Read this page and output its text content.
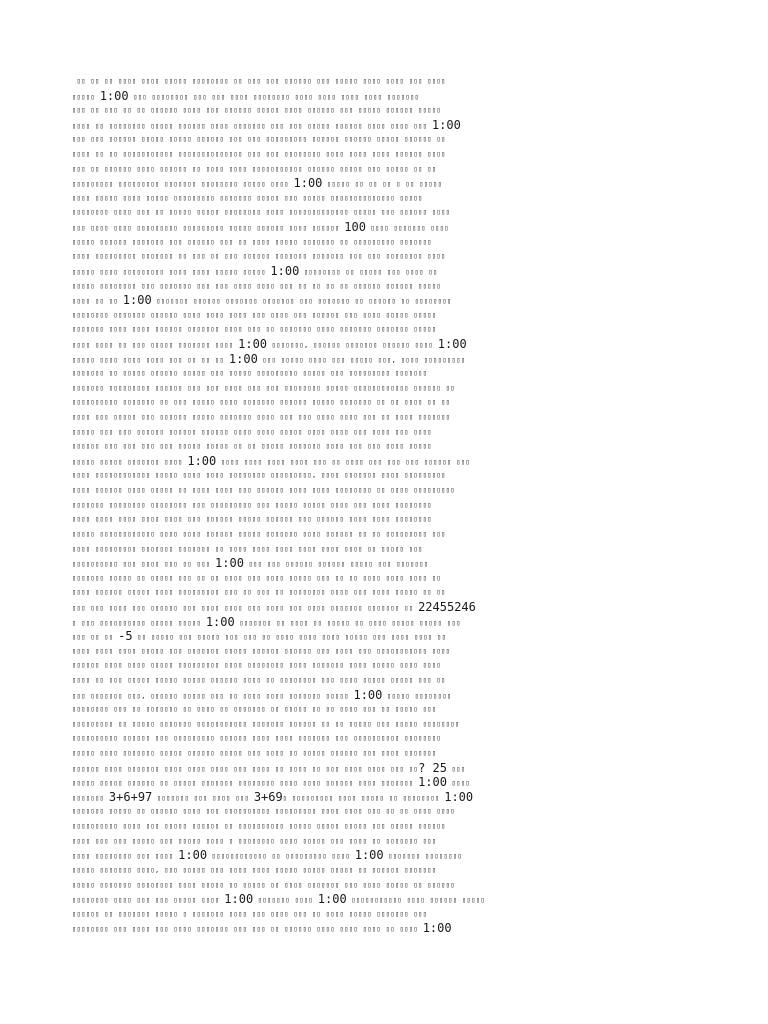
▯▯ ▯▯ ▯▯ ▯▯▯▯ ▯▯▯▯ ▯▯▯▯▯ ▯▯▯▯▯▯▯▯ ▯▯ ▯▯▯ ▯▯▯ ▯▯▯▯▯▯ ▯▯▯ ▯▯▯▯▯ ▯▯▯▯ ▯▯▯▯ ▯▯▯ ▯▯▯▯
▯▯▯▯▯ 1:00 ▯▯▯ ▯▯▯▯▯▯▯▯ ▯▯▯ ▯▯▯ ▯▯▯▯ ▯▯▯▯▯▯▯▯ ▯▯▯▯ ▯▯▯▯ ▯▯▯▯ ▯▯▯▯ ▯▯▯▯▯▯▯
▯▯▯ ▯▯ ▯▯▯ ▯▯ ▯▯ ▯▯▯▯▯▯ ▯▯▯▯ ▯▯▯ ▯▯▯▯▯▯ ▯▯▯▯▯ ▯▯▯▯ ▯▯▯▯▯▯ ▯▯▯ ▯▯▯▯▯ ▯▯▯▯▯▯ ▯▯▯▯▯
▯▯▯▯ ▯▯ ▯▯▯▯▯▯▯▯ ▯▯▯▯▯ ▯▯▯▯▯▯ ▯▯▯▯ ▯▯▯▯▯▯▯ ▯▯▯ ▯▯▯ ▯▯▯▯▯ ▯▯▯▯▯▯ ▯▯▯▯ ▯▯▯▯ ▯▯▯ 1:00
▯▯▯ ▯▯▯ ▯▯▯▯▯▯ ▯▯▯▯▯ ▯▯▯▯▯ ▯▯▯▯▯▯ ▯▯▯ ▯▯▯ ▯▯▯▯▯▯▯▯▯ ▯▯▯▯▯▯ ▯▯▯▯▯▯ ▯▯▯▯▯ ▯▯▯▯▯▯ ▯▯
▯▯▯▯ ▯▯ ▯▯ ▯▯▯▯▯▯▯▯▯▯▯ ▯▯▯▯▯▯▯▯▯▯▯▯▯▯ ▯▯▯ ▯▯▯ ▯▯▯▯▯▯▯▯ ▯▯▯▯ ▯▯▯▯ ▯▯▯▯ ▯▯▯▯▯▯ ▯▯▯▯
▯▯▯ ▯▯ ▯▯▯▯▯▯ ▯▯▯▯ ▯▯▯▯▯▯ ▯▯ ▯▯▯▯ ▯▯▯▯ ▯▯▯▯▯▯▯▯▯▯▯ ▯▯▯▯▯▯ ▯▯▯▯▯ ▯▯▯ ▯▯▯▯▯ ▯▯ ▯▯
▯▯▯▯▯▯▯▯▯ ▯▯▯▯▯▯▯▯▯ ▯▯▯▯▯▯▯ ▯▯▯▯▯▯▯▯ ▯▯▯▯▯ ▯▯▯▯ 1:00 ▯▯▯▯▯ ▯▯ ▯▯ ▯▯ ▯ ▯▯ ▯▯▯▯▯
▯▯▯▯ ▯▯▯▯▯ ▯▯▯▯ ▯▯▯▯▯ ▯▯▯▯▯▯▯▯▯ ▯▯▯▯▯▯▯ ▯▯▯▯▯ ▯▯▯ ▯▯▯▯▯ ▯▯▯▯▯▯▯▯▯▯▯▯▯▯ ▯▯▯▯▯
▯▯▯▯▯▯▯▯ ▯▯▯▯ ▯▯▯ ▯▯ ▯▯▯▯▯ ▯▯▯▯▯ ▯▯▯▯▯▯▯▯ ▯▯▯▯ ▯▯▯▯▯▯▯▯▯▯▯▯▯ ▯▯▯▯▯ ▯▯▯ ▯▯▯▯▯▯ ▯▯▯▯
▯▯▯ ▯▯▯▯ ▯▯▯▯ ▯▯▯▯▯▯▯▯▯ ▯▯▯▯▯▯▯▯▯ ▯▯▯▯▯ ▯▯▯▯▯▯ ▯▯▯▯ ▯▯▯▯▯▯ 100 ▯▯▯▯ ▯▯▯▯▯▯▯ ▯▯▯▯
▯▯▯▯▯ ▯▯▯▯▯▯ ▯▯▯▯▯▯▯ ▯▯▯ ▯▯▯▯▯▯ ▯▯▯ ▯▯ ▯▯▯▯ ▯▯▯▯▯ ▯▯▯▯▯▯▯ ▯▯ ▯▯▯▯▯▯▯▯▯ ▯▯▯▯▯▯▯
▯▯▯▯ ▯▯▯▯▯▯▯▯▯ ▯▯▯▯▯▯▯ ▯▯ ▯▯▯ ▯▯ ▯▯▯ ▯▯▯▯▯▯ ▯▯▯▯▯▯▯ ▯▯▯▯▯▯▯ ▯▯▯ ▯▯▯ ▯▯▯▯▯▯▯▯ ▯▯▯▯
▯▯▯▯▯ ▯▯▯▯ ▯▯▯▯▯▯▯▯▯ ▯▯▯▯ ▯▯▯▯ ▯▯▯▯▯ ▯▯▯▯▯ 1:00 ▯▯▯▯▯▯▯▯ ▯▯ ▯▯▯▯▯ ▯▯▯ ▯▯▯▯ ▯▯
▯▯▯▯▯ ▯▯▯▯▯▯▯▯ ▯▯▯ ▯▯▯▯▯▯▯ ▯▯▯ ▯▯▯ ▯▯▯▯ ▯▯▯▯ ▯▯▯ ▯▯ ▯▯ ▯▯ ▯▯ ▯▯▯▯▯▯ ▯▯▯▯▯▯ ▯▯▯▯▯
▯▯▯▯ ▯▯ ▯▯ 1:00 ▯▯▯▯▯▯▯ ▯▯▯▯▯▯ ▯▯▯▯▯▯▯ ▯▯▯▯▯▯▯ ▯▯▯ ▯▯▯▯▯▯▯ ▯▯ ▯▯▯▯▯▯ ▯▯ ▯▯▯▯▯▯▯▯
▯▯▯▯▯▯▯▯ ▯▯▯▯▯▯▯ ▯▯▯▯▯▯ ▯▯▯▯ ▯▯▯▯ ▯▯▯▯ ▯▯▯ ▯▯▯▯ ▯▯▯ ▯▯▯▯▯▯ ▯▯▯ ▯▯▯▯ ▯▯▯▯▯ ▯▯▯▯▯
▯▯▯▯▯▯▯ ▯▯▯▯ ▯▯▯▯ ▯▯▯▯▯▯ ▯▯▯▯▯▯▯ ▯▯▯▯ ▯▯▯ ▯▯ ▯▯▯▯▯▯▯ ▯▯▯▯ ▯▯▯▯▯▯▯ ▯▯▯▯▯▯▯ ▯▯▯▯▯
▯▯▯▯ ▯▯▯▯ ▯▯ ▯▯▯ ▯▯▯▯▯ ▯▯▯▯▯▯▯ ▯▯▯▯ 1:00 ▯▯▯▯▯▯▯, ▯▯▯▯▯▯ ▯▯▯▯▯▯▯ ▯▯▯▯▯▯ ▯▯▯▯ 1:00
▯▯▯▯▯ ▯▯▯▯ ▯▯▯▯ ▯▯▯▯ ▯▯▯ ▯▯ ▯▯ ▯▯ 1:00 ▯▯▯ ▯▯▯▯▯ ▯▯▯▯ ▯▯▯ ▯▯▯▯▯ ▯▯▯, ▯▯▯▯ ▯▯▯▯▯▯▯▯▯
▯▯▯▯▯▯▯ ▯▯ ▯▯▯▯▯ ▯▯▯▯▯▯ ▯▯▯▯▯ ▯▯▯ ▯▯▯▯▯ ▯▯▯▯▯▯▯▯▯ ▯▯▯▯▯ ▯▯▯ ▯▯▯▯▯▯▯▯▯ ▯▯▯▯▯▯▯
▯▯▯▯▯▯▯ ▯▯▯▯▯▯▯▯▯ ▯▯▯▯▯▯ ▯▯▯ ▯▯▯ ▯▯▯▯ ▯▯▯ ▯▯▯ ▯▯▯▯▯▯▯▯ ▯▯▯▯▯ ▯▯▯▯▯▯▯▯▯▯▯▯ ▯▯▯▯▯▯ ▯▯
▯▯▯▯▯▯▯▯▯▯ ▯▯▯▯▯▯▯ ▯▯ ▯▯▯ ▯▯▯▯▯ ▯▯▯▯ ▯▯▯▯▯▯▯ ▯▯▯▯▯▯ ▯▯▯▯▯ ▯▯▯▯▯▯▯ ▯▯ ▯▯ ▯▯▯▯ ▯▯ ▯▯
▯▯▯▯ ▯▯▯ ▯▯▯▯▯ ▯▯▯ ▯▯▯▯▯▯ ▯▯▯▯▯ ▯▯▯▯▯▯▯ ▯▯▯▯ ▯▯▯ ▯▯▯ ▯▯▯▯ ▯▯▯▯ ▯▯▯ ▯▯ ▯▯▯▯ ▯▯▯▯▯▯▯
▯▯▯▯▯ ▯▯▯ ▯▯▯ ▯▯▯▯▯▯ ▯▯▯▯▯▯ ▯▯▯▯▯▯ ▯▯▯▯ ▯▯▯▯ ▯▯▯▯▯ ▯▯▯▯ ▯▯▯▯ ▯▯▯ ▯▯▯▯ ▯▯▯ ▯▯▯▯
▯▯▯▯▯▯ ▯▯▯ ▯▯▯ ▯▯▯ ▯▯▯ ▯▯▯▯▯ ▯▯▯▯▯ ▯▯ ▯▯ ▯▯▯▯▯ ▯▯▯▯▯▯▯ ▯▯▯▯ ▯▯▯ ▯▯▯ ▯▯▯▯ ▯▯▯▯▯
▯▯▯▯▯ ▯▯▯▯▯ ▯▯▯▯▯▯▯ ▯▯▯▯ 1:00 ▯▯▯▯ ▯▯▯▯ ▯▯▯▯ ▯▯▯▯ ▯▯▯ ▯▯ ▯▯▯▯ ▯▯▯ ▯▯▯ ▯▯▯ ▯▯▯▯▯▯ ▯▯▯
▯▯▯▯ ▯▯▯▯▯▯▯▯▯▯▯▯ ▯▯▯▯▯ ▯▯▯▯ ▯▯▯▯ ▯▯▯▯▯▯▯▯ ▯▯▯▯▯▯▯▯▯, ▯▯▯▯ ▯▯▯▯▯▯▯ ▯▯▯▯ ▯▯▯▯▯▯▯▯▯
▯▯▯▯ ▯▯▯▯▯▯ ▯▯▯▯ ▯▯▯▯▯ ▯▯ ▯▯▯▯ ▯▯▯▯ ▯▯▯ ▯▯▯▯▯▯ ▯▯▯▯ ▯▯▯▯ ▯▯▯▯▯▯▯▯ ▯▯ ▯▯▯▯ ▯▯▯▯▯▯▯▯▯
▯▯▯▯▯▯▯ ▯▯▯▯▯▯▯▯ ▯▯▯▯▯▯▯▯ ▯▯▯ ▯▯▯▯▯▯▯▯▯ ▯▯▯ ▯▯▯▯▯ ▯▯▯▯▯ ▯▯▯▯ ▯▯▯ ▯▯▯▯ ▯▯▯▯▯▯▯▯
▯▯▯▯ ▯▯▯▯ ▯▯▯▯ ▯▯▯▯ ▯▯▯▯ ▯▯▯ ▯▯▯▯▯▯ ▯▯▯▯▯ ▯▯▯▯▯▯ ▯▯▯ ▯▯▯▯▯▯ ▯▯▯▯ ▯▯▯▯ ▯▯▯▯▯▯▯▯
▯▯▯▯▯ ▯▯▯▯▯▯▯▯▯▯▯▯ ▯▯▯▯ ▯▯▯▯ ▯▯▯▯▯▯ ▯▯▯▯▯ ▯▯▯▯▯▯▯ ▯▯▯▯ ▯▯▯▯▯▯ ▯▯ ▯▯ ▯▯▯▯▯▯▯▯▯ ▯▯▯
▯▯▯▯ ▯▯▯▯▯▯▯▯▯ ▯▯▯▯▯▯▯ ▯▯▯▯▯▯▯ ▯▯ ▯▯▯▯ ▯▯▯▯ ▯▯▯▯ ▯▯▯▯ ▯▯▯▯ ▯▯▯▯ ▯▯ ▯▯▯▯▯ ▯▯▯
▯▯▯▯▯▯▯▯▯▯ ▯▯▯ ▯▯▯▯ ▯▯▯ ▯▯ ▯▯▯ 1:00 ▯▯▯ ▯▯▯ ▯▯▯▯▯▯ ▯▯▯▯▯▯ ▯▯▯▯▯ ▯▯▯ ▯▯▯▯▯▯▯
▯▯▯▯▯▯▯ ▯▯▯▯▯ ▯▯ ▯▯▯▯▯ ▯▯▯ ▯▯ ▯▯ ▯▯▯▯ ▯▯▯ ▯▯▯▯ ▯▯▯▯▯ ▯▯▯ ▯▯ ▯▯ ▯▯▯▯ ▯▯▯▯ ▯▯▯▯ ▯▯
▯▯▯▯ ▯▯▯▯▯▯ ▯▯▯▯▯ ▯▯▯▯ ▯▯▯▯▯▯▯▯▯ ▯▯▯ ▯▯ ▯▯▯ ▯▯ ▯▯▯▯▯▯▯▯ ▯▯▯▯ ▯▯▯ ▯▯▯▯ ▯▯▯▯▯ ▯▯ ▯▯
▯▯▯ ▯▯▯ ▯▯▯▯ ▯▯▯ ▯▯▯▯▯▯ ▯▯▯ ▯▯▯▯ ▯▯▯▯ ▯▯▯ ▯▯▯▯ ▯▯▯ ▯▯▯▯ ▯▯▯▯▯▯▯ ▯▯▯▯▯▯▯ ▯▯ 22455246
▯ ▯▯▯ ▯▯▯▯▯▯▯▯▯▯ ▯▯▯▯▯ ▯▯▯▯▯ 1:00 ▯▯▯▯▯▯▯ ▯▯ ▯▯▯▯ ▯▯ ▯▯▯▯▯ ▯▯ ▯▯▯▯ ▯▯▯▯▯ ▯▯▯▯▯ ▯▯▯
▯▯▯ ▯▯ ▯▯ -5 ▯▯ ▯▯▯▯▯ ▯▯▯ ▯▯▯▯▯ ▯▯▯ ▯▯▯ ▯▯ ▯▯▯▯ ▯▯▯▯ ▯▯▯▯ ▯▯▯▯▯ ▯▯▯ ▯▯▯▯ ▯▯▯▯ ▯▯
▯▯▯▯ ▯▯▯▯ ▯▯▯▯ ▯▯▯▯▯ ▯▯▯ ▯▯▯▯▯▯▯ ▯▯▯▯▯ ▯▯▯▯▯▯ ▯▯▯▯▯▯ ▯▯▯ ▯▯▯▯ ▯▯▯ ▯▯▯▯▯▯▯▯▯▯▯ ▯▯▯▯
▯▯▯▯▯▯ ▯▯▯▯ ▯▯▯▯ ▯▯▯▯▯ ▯▯▯▯▯▯▯▯▯ ▯▯▯▯ ▯▯▯▯▯▯▯▯ ▯▯▯▯ ▯▯▯▯▯▯▯ ▯▯▯▯ ▯▯▯▯▯ ▯▯▯▯ ▯▯▯▯
▯▯▯▯ ▯▯ ▯▯▯ ▯▯▯▯▯ ▯▯▯▯▯ ▯▯▯▯▯ ▯▯▯▯▯▯ ▯▯▯▯ ▯▯ ▯▯▯▯▯▯▯▯ ▯▯▯ ▯▯▯▯ ▯▯▯▯▯ ▯▯▯▯▯ ▯▯▯ ▯▯
▯▯▯ ▯▯▯▯▯▯▯ ▯▯▯, ▯▯▯▯▯▯ ▯▯▯▯▯ ▯▯▯ ▯▯ ▯▯▯▯ ▯▯▯▯ ▯▯▯▯▯▯▯ ▯▯▯▯▯ 1:00 ▯▯▯▯▯ ▯▯▯▯▯▯▯▯
▯▯▯▯▯▯▯▯ ▯▯▯ ▯▯ ▯▯▯▯▯▯▯ ▯▯ ▯▯▯▯ ▯▯ ▯▯▯▯▯▯▯ ▯▯ ▯▯▯▯▯ ▯▯ ▯▯ ▯▯▯▯ ▯▯▯ ▯▯ ▯▯▯▯▯ ▯▯▯
▯▯▯▯▯▯▯▯▯ ▯▯ ▯▯▯▯▯ ▯▯▯▯▯▯▯ ▯▯▯▯▯▯▯▯▯▯▯ ▯▯▯▯▯▯▯ ▯▯▯▯▯▯ ▯▯ ▯▯ ▯▯▯▯▯ ▯▯▯ ▯▯▯▯▯ ▯▯▯▯▯▯▯▯
▯▯▯▯▯▯▯▯▯▯ ▯▯▯▯▯▯ ▯▯▯ ▯▯▯▯▯▯▯▯▯ ▯▯▯▯▯▯ ▯▯▯▯ ▯▯▯▯ ▯▯▯▯▯▯▯ ▯▯▯ ▯▯▯▯▯▯▯▯▯▯ ▯▯▯▯▯▯▯▯
▯▯▯▯▯ ▯▯▯▯ ▯▯▯▯▯▯▯ ▯▯▯▯▯ ▯▯▯▯▯▯ ▯▯▯▯▯ ▯▯▯ ▯▯▯▯ ▯▯ ▯▯▯▯▯ ▯▯▯▯▯▯ ▯▯▯ ▯▯▯▯ ▯▯▯▯▯▯▯
▯▯▯▯▯▯ ▯▯▯▯ ▯▯▯▯▯▯▯ ▯▯▯▯ ▯▯▯▯ ▯▯▯▯ ▯▯▯ ▯▯▯▯ ▯▯ ▯▯▯▯ ▯▯ ▯▯▯ ▯▯▯▯ ▯▯▯▯ ▯▯▯ ▯▯? 25 ▯▯▯
▯▯▯▯▯ ▯▯▯▯▯ ▯▯▯▯▯▯ ▯▯ ▯▯▯▯▯ ▯▯▯▯▯▯▯ ▯▯▯▯▯▯▯▯ ▯▯▯▯ ▯▯▯▯ ▯▯▯▯▯▯ ▯▯▯▯ ▯▯▯▯▯▯▯ 1:00 ▯▯▯▯
▯▯▯▯▯▯▯ 3+6+97 ▯▯▯▯▯▯▯ ▯▯▯ ▯▯▯▯ ▯▯▯ 3+69▯ ▯▯▯▯▯▯▯▯▯ ▯▯▯▯ ▯▯▯▯▯ ▯▯ ▯▯▯▯▯▯▯▯ 1:00
▯▯▯▯▯▯▯ ▯▯▯▯▯ ▯▯ ▯▯▯▯▯▯ ▯▯▯▯ ▯▯▯ ▯▯▯▯▯▯▯▯▯▯ ▯▯▯▯▯▯▯▯▯ ▯▯▯▯ ▯▯▯▯ ▯▯▯ ▯▯ ▯▯ ▯▯▯▯ ▯▯▯▯
▯▯▯▯▯▯▯▯▯▯ ▯▯▯▯ ▯▯▯ ▯▯▯▯▯ ▯▯▯▯▯▯ ▯▯ ▯▯▯▯▯▯▯▯▯▯ ▯▯▯▯▯ ▯▯▯▯▯ ▯▯▯▯▯ ▯▯▯ ▯▯▯▯▯ ▯▯▯▯▯▯
▯▯▯▯ ▯▯▯ ▯▯▯ ▯▯▯▯▯ ▯▯▯ ▯▯▯▯▯ ▯▯▯▯ ▯ ▯▯▯▯▯▯▯▯ ▯▯▯▯ ▯▯▯▯▯ ▯▯▯ ▯▯▯▯ ▯▯ ▯▯▯▯▯▯▯ ▯▯▯
▯▯▯▯ ▯▯▯▯▯▯▯▯ ▯▯▯ ▯▯▯▯ 1:00 ▯▯▯▯▯▯▯▯▯▯▯▯ ▯▯ ▯▯▯▯▯▯▯▯▯ ▯▯▯▯ 1:00 ▯▯▯▯▯▯▯ ▯▯▯▯▯▯▯▯
▯▯▯▯▯ ▯▯▯▯▯▯▯ ▯▯▯▯, ▯▯▯ ▯▯▯▯▯ ▯▯▯ ▯▯▯▯ ▯▯▯▯ ▯▯▯▯▯ ▯▯▯▯▯ ▯▯▯▯▯ ▯▯ ▯▯▯▯▯▯ ▯▯▯▯▯▯▯
▯▯▯▯▯ ▯▯▯▯▯▯▯ ▯▯▯▯▯▯▯▯ ▯▯▯▯ ▯▯▯▯▯ ▯▯ ▯▯▯▯▯ ▯▯ ▯▯▯▯ ▯▯▯▯▯▯▯ ▯▯▯ ▯▯▯▯ ▯▯▯▯▯ ▯▯ ▯▯▯▯▯▯
▯▯▯▯▯▯▯▯ ▯▯▯▯ ▯▯▯ ▯▯▯ ▯▯▯▯▯ ▯▯▯▯ 1:00 ▯▯▯▯▯▯▯ ▯▯▯▯ 1:00 ▯▯▯▯▯▯▯▯▯▯▯ ▯▯▯▯ ▯▯▯▯▯▯ ▯▯▯▯▯
▯▯▯▯▯▯ ▯▯ ▯▯▯▯▯▯▯ ▯▯▯▯▯ ▯ ▯▯▯▯▯▯▯ ▯▯▯▯ ▯▯▯ ▯▯▯▯ ▯▯▯ ▯▯ ▯▯▯▯ ▯▯▯▯▯ ▯▯▯▯▯▯▯ ▯▯▯
▯▯▯▯▯▯▯▯ ▯▯▯ ▯▯▯▯ ▯▯▯ ▯▯▯▯ ▯▯▯▯▯▯▯ ▯▯▯ ▯▯▯ ▯▯ ▯▯▯▯▯▯ ▯▯▯▯ ▯▯▯▯ ▯▯▯▯ ▯▯ ▯▯▯▯ 1:00
